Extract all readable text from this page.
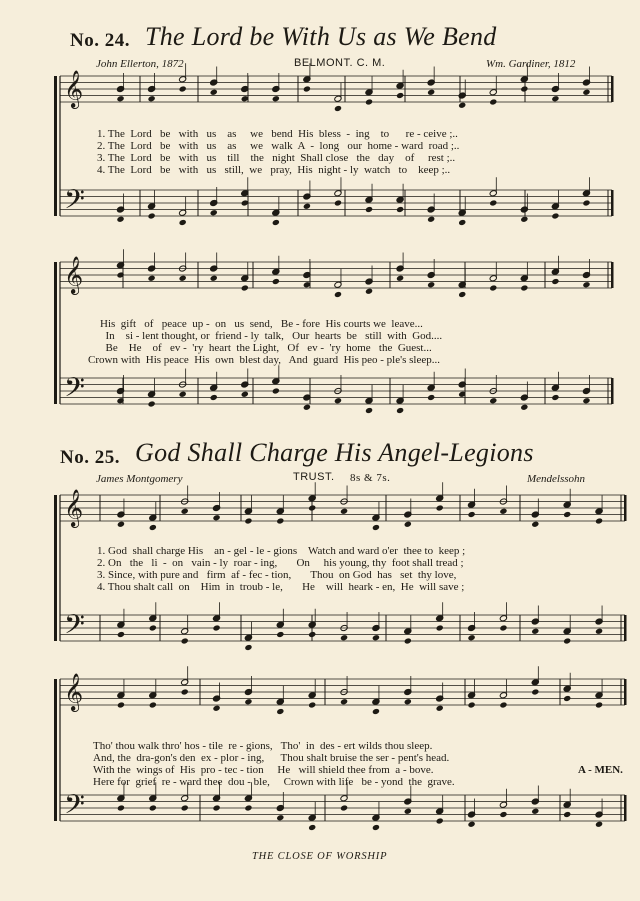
No. 24. The Lord be With Us as We Bend
John Ellerton, 1872	BELMONT. C. M.	Wm. Gardiner, 1812
1. The  Lord   be   with   us    as     we   bend  His  bless  -  ing    to      re - ceive ;..
2. The  Lord   be   with   us    as     we   walk  A  -  long   our  home - ward  road ;..
3. The  Lord   be   with   us    till    the   night  Shall close   the   day    of     rest ;..
4. The  Lord   be   with   us   still,  we   pray,  His  night - ly  watch   to    keep ;..
His  gift   of   peace  up -  on   us  send,   Be - fore  His courts we  leave...
In    si - lent thought, or  friend - ly  talk,   Our  hearts  be   still  with  God....
Be    He    of   ev -  'ry  heart  the Light,   Of   ev -  'ry  home   the  Guest...
Crown with  His peace  His  own  blest day,   And  guard  His peo - ple's sleep...
No. 25. God Shall Charge His Angel-Legions
James Montgomery	TRUST. 8s & 7s.	Mendelssohn
1. God  shall charge His    an - gel - le - gions    Watch and ward o'er  thee to  keep ;
2. On   the   li  -  on   vain - ly  roar - ing,       On     his young, thy  foot shall tread ;
3. Since, with pure and   firm  af - fec - tion,       Thou  on God  has   set  thy love,
4. Thou shalt call  on    Him  in  troub - le,       He    will  heark - en,  He  will save ;
Tho' thou walk thro' hos - tile  re - gions,   Tho'  in  des - ert wilds thou sleep.
And, the  dra-gon's den  ex - plor - ing,      Thou shalt bruise the ser - pent's head.
With the  wings of  His  pro - tec - tion     He   will shield thee from  a - bove.
Here for  grief  re - ward thee  dou - ble,     Crown with life   be - yond  the  grave.
A - MEN.
THE CLOSE OF WORSHIP
𝄞
𝄢
𝄞
𝄢
𝄞
𝄢
𝄞
𝄢
